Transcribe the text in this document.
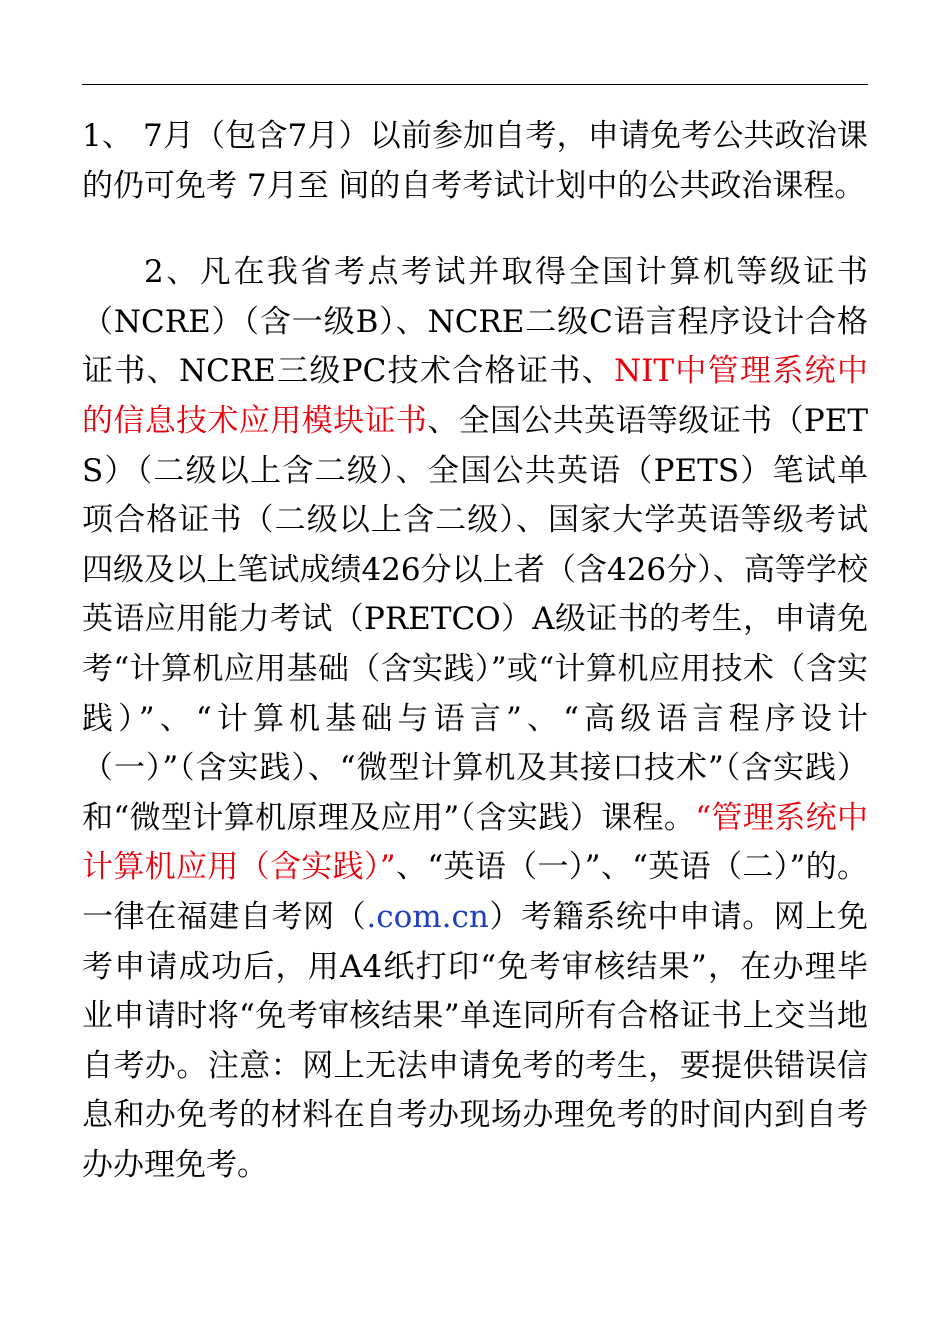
1、 7月（包含7月）以前参加自考，申请免考公共政治课的仍可免考 7月至 间的自考考试计划中的公共政治课程。

2、凡在我省考点考试并取得全国计算机等级证书（NCRE）（含一级B）、NCRE二级C语言程序设计合格证书、NCRE三级PC技术合格证书、NIT中管理系统中的信息技术应用模块证书、全国公共英语等级证书（PETS）（二级以上含二级）、全国公共英语（PETS）笔试单项合格证书（二级以上含二级）、国家大学英语等级考试四级及以上笔试成绩426分以上者（含426分）、高等学校英语应用能力考试（PRETCO）A级证书的考生，申请免考“计算机应用基础（含实践）”或“计算机应用技术（含实践）”、“计算机基础与语言”、“高级语言程序设计（一）”（含实践）、“微型计算机及其接口技术”（含实践）和“微型计算机原理及应用”（含实践）课程。“管理系统中计算机应用（含实践）”、“英语（一）”、“英语（二）”的。一律在福建自考网（.com.cn）考籍系统中申请。网上免考申请成功后，用A4纸打印“免考审核结果”，在办理毕业申请时将“免考审核结果”单连同所有合格证书上交当地自考办。注意：网上无法申请免考的考生，要提供错误信息和办免考的材料在自考办现场办理免考的时间内到自考办办理免考。
